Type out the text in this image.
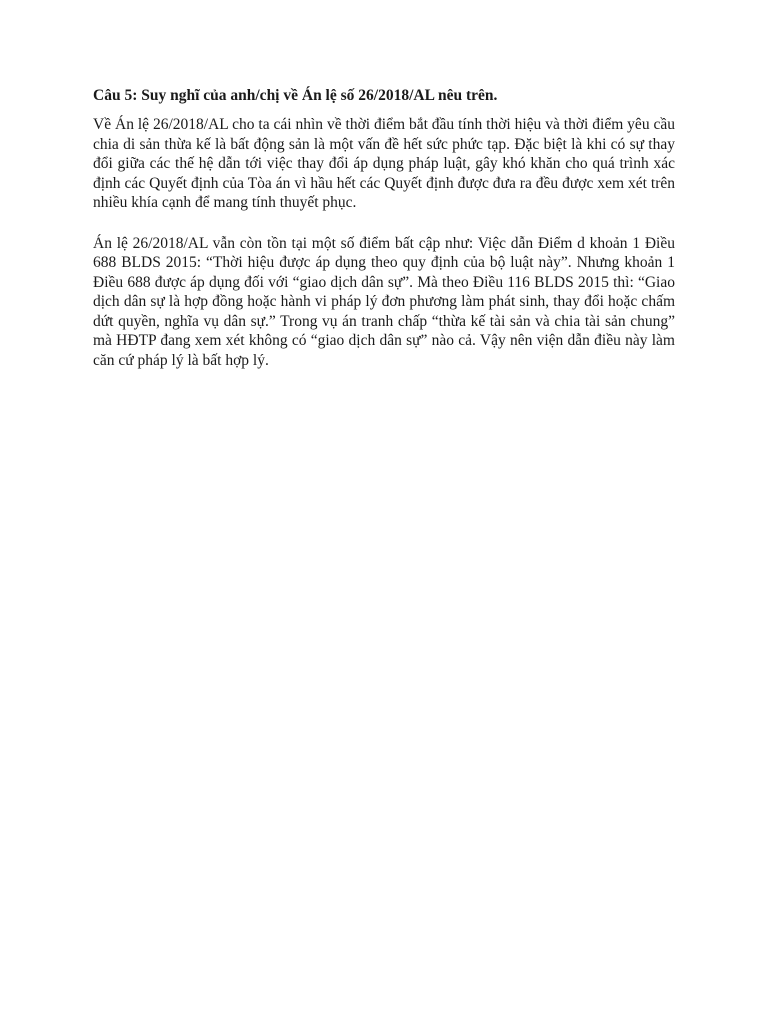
Câu 5: Suy nghĩ của anh/chị về Án lệ số 26/2018/AL nêu trên.

Về Án lệ 26/2018/AL cho ta cái nhìn về thời điểm bắt đầu tính thời hiệu và thời điểm yêu cầu chia di sản thừa kế là bất động sản là một vấn đề hết sức phức tạp. Đặc biệt là khi có sự thay đổi giữa các thế hệ dẫn tới việc thay đổi áp dụng pháp luật, gây khó khăn cho quá trình xác định các Quyết định của Tòa án vì hầu hết các Quyết định được đưa ra đều được xem xét trên nhiều khía cạnh để mang tính thuyết phục.

Án lệ 26/2018/AL vẫn còn tồn tại một số điểm bất cập như: Việc dẫn Điểm d khoản 1 Điều 688 BLDS 2015: “Thời hiệu được áp dụng theo quy định của bộ luật này”. Nhưng khoản 1 Điều 688 được áp dụng đối với “giao dịch dân sự”. Mà theo Điều 116 BLDS 2015 thì: “Giao dịch dân sự là hợp đồng hoặc hành vi pháp lý đơn phương làm phát sinh, thay đổi hoặc chấm dứt quyền, nghĩa vụ dân sự.” Trong vụ án tranh chấp “thừa kế tài sản và chia tài sản chung” mà HĐTP đang xem xét không có “giao dịch dân sự” nào cả. Vậy nên viện dẫn điều này làm căn cứ pháp lý là bất hợp lý.
